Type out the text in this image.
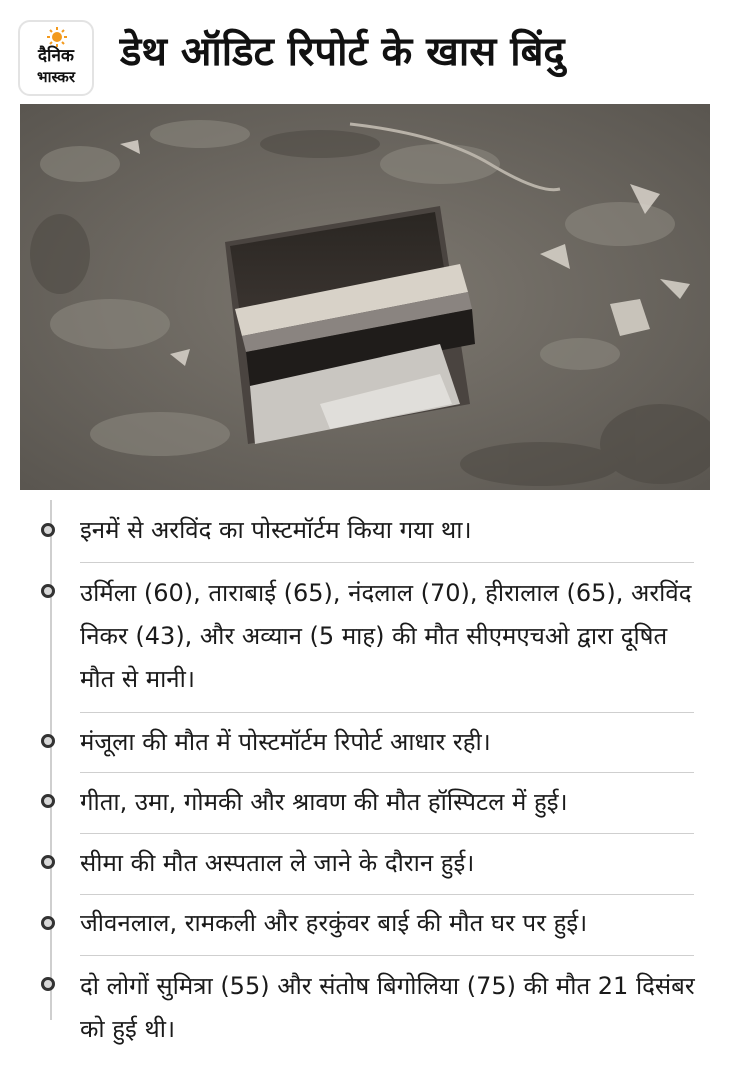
दैनिक
भास्कर
डेथ ऑडिट रिपोर्ट के खास बिंदु
इनमें से अरविंद का पोस्टमॉर्टम किया गया था।
उर्मिला (60), ताराबाई (65), नंदलाल (70), हीरालाल (65), अरविंद निकर (43), और अव्यान (5 माह) की मौत सीएमएचओ द्वारा दूषित मौत से मानी।
मंजूला की मौत में पोस्टमॉर्टम रिपोर्ट आधार रही।
गीता, उमा, गोमकी और श्रावण की मौत हॉस्पिटल में हुई।
सीमा की मौत अस्पताल ले जाने के दौरान हुई।
जीवनलाल, रामकली और हरकुंवर बाई की मौत घर पर हुई।
दो लोगों सुमित्रा (55) और संतोष बिगोलिया (75) की मौत 21 दिसंबर को हुई थी।
